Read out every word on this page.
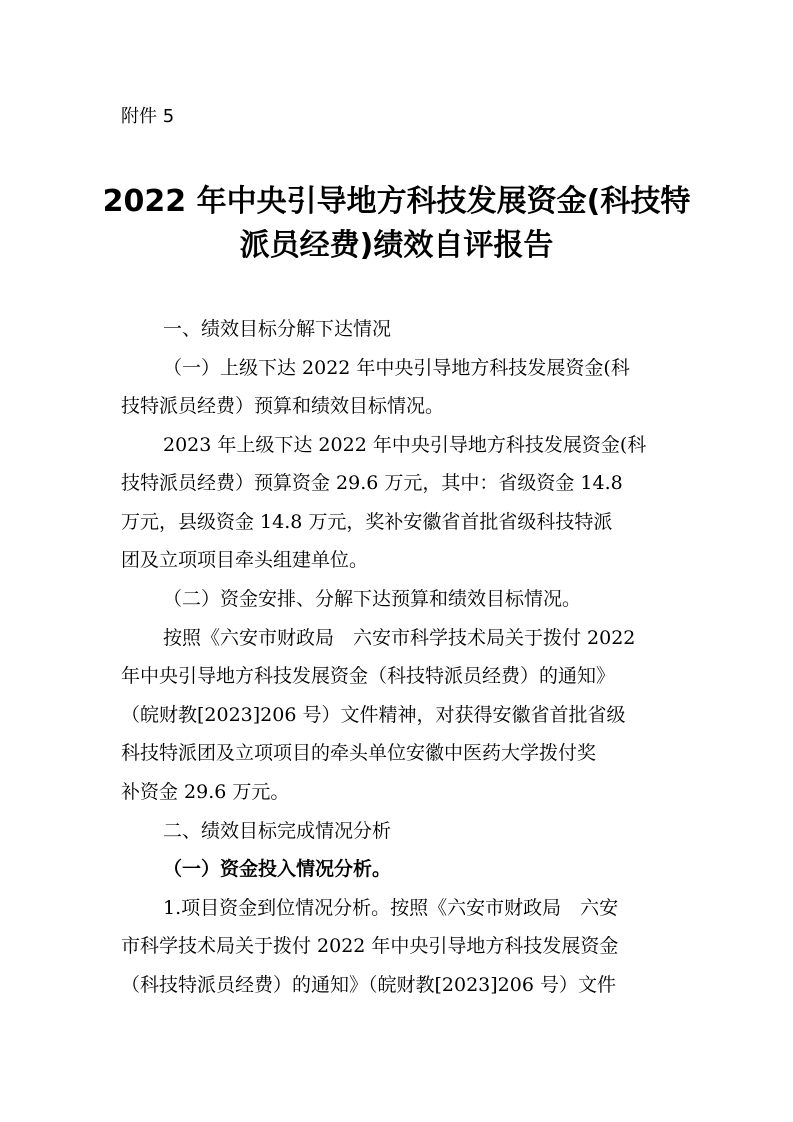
附件 5
2022 年中央引导地方科技发展资金(科技特
派员经费)绩效自评报告
一、绩效目标分解下达情况
（一）上级下达 2022 年中央引导地方科技发展资金(科
技特派员经费）预算和绩效目标情况。
2023 年上级下达 2022 年中央引导地方科技发展资金(科
技特派员经费）预算资金 29.6 万元，其中：省级资金 14.8
万元，县级资金 14.8 万元，奖补安徽省首批省级科技特派
团及立项项目牵头组建单位。
（二）资金安排、分解下达预算和绩效目标情况。
按照《六安市财政局　六安市科学技术局关于拨付 2022
年中央引导地方科技发展资金（科技特派员经费）的通知》
（皖财教[2023]206 号）文件精神，对获得安徽省首批省级
科技特派团及立项项目的牵头单位安徽中医药大学拨付奖
补资金 29.6 万元。
二、绩效目标完成情况分析
（一）资金投入情况分析。
1.项目资金到位情况分析。按照《六安市财政局　六安
市科学技术局关于拨付 2022 年中央引导地方科技发展资金
（科技特派员经费）的通知》（皖财教[2023]206 号）文件
